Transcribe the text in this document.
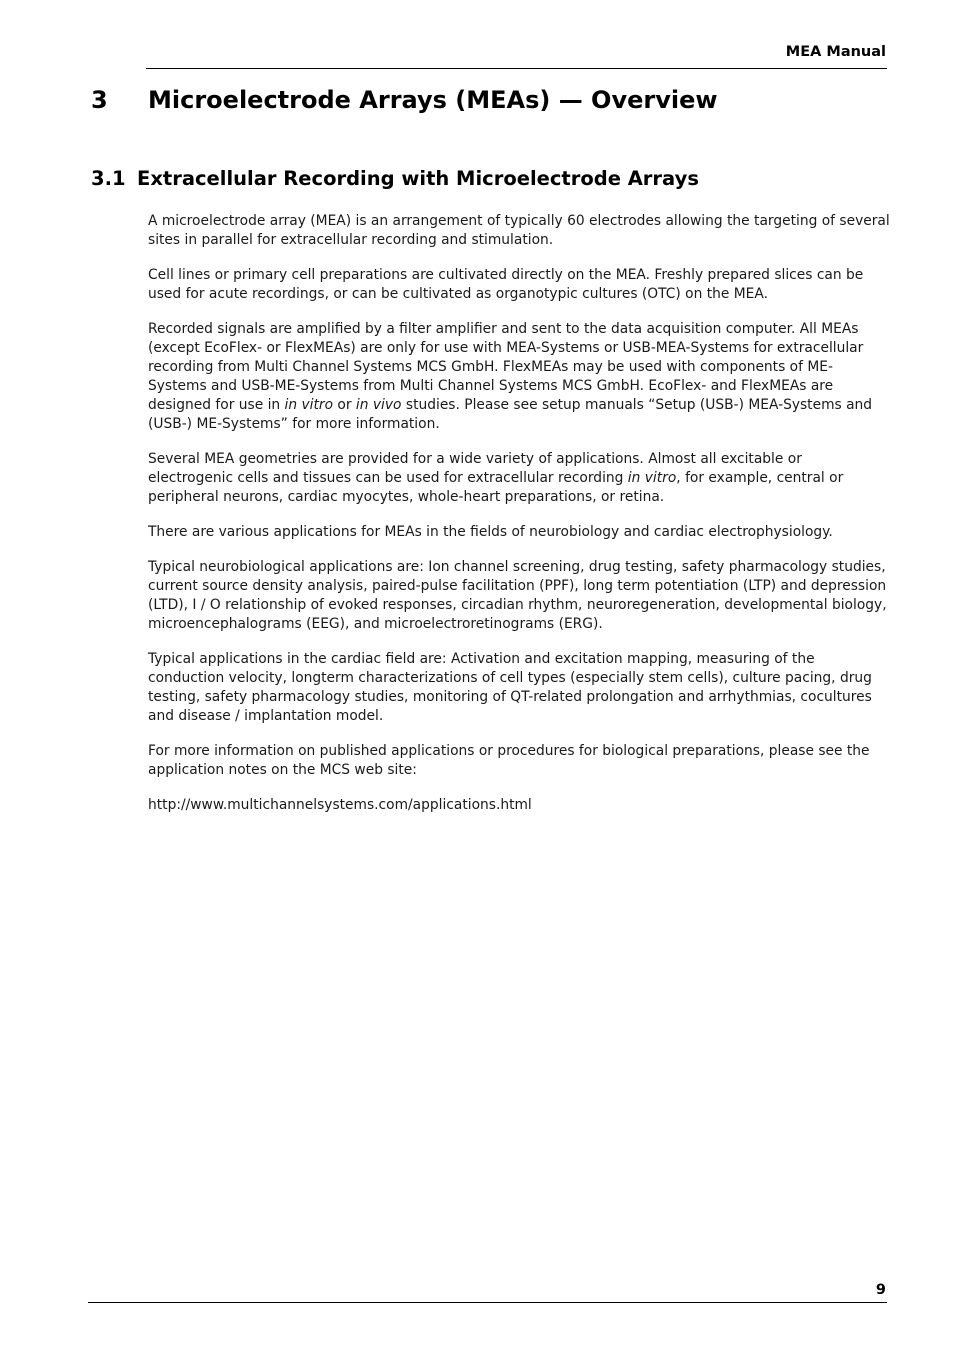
MEA Manual
3 Microelectrode Arrays (MEAs) — Overview
3.1 Extracellular Recording with Microelectrode Arrays

A microelectrode array (MEA) is an arrangement of typically 60 electrodes allowing the targeting of several sites in parallel for extracellular recording and stimulation.

Cell lines or primary cell preparations are cultivated directly on the MEA. Freshly prepared slices can be used for acute recordings, or can be cultivated as organotypic cultures (OTC) on the MEA.

Recorded signals are amplified by a filter amplifier and sent to the data acquisition computer. All MEAs (except EcoFlex- or FlexMEAs) are only for use with MEA-Systems or USB-MEA-Systems for extracellular recording from Multi Channel Systems MCS GmbH. FlexMEAs may be used with components of ME-Systems and USB-ME-Systems from Multi Channel Systems MCS GmbH. EcoFlex- and FlexMEAs are designed for use in in vitro or in vivo studies. Please see setup manuals “Setup (USB-) MEA-Systems and (USB-) ME-Systems” for more information.

Several MEA geometries are provided for a wide variety of applications. Almost all excitable or electrogenic cells and tissues can be used for extracellular recording in vitro, for example, central or peripheral neurons, cardiac myocytes, whole-heart preparations, or retina.

There are various applications for MEAs in the fields of neurobiology and cardiac electrophysiology.

Typical neurobiological applications are: Ion channel screening, drug testing, safety pharmacology studies, current source density analysis, paired-pulse facilitation (PPF), long term potentiation (LTP) and depression (LTD), I / O relationship of evoked responses, circadian rhythm, neuroregeneration, developmental biology, microencephalograms (EEG), and microelectroretinograms (ERG).

Typical applications in the cardiac field are: Activation and excitation mapping, measuring of the conduction velocity, longterm characterizations of cell types (especially stem cells), culture pacing, drug testing, safety pharmacology studies, monitoring of QT-related prolongation and arrhythmias, cocultures and disease / implantation model.

For more information on published applications or procedures for biological preparations, please see the application notes on the MCS web site:

http://www.multichannelsystems.com/applications.html

9
